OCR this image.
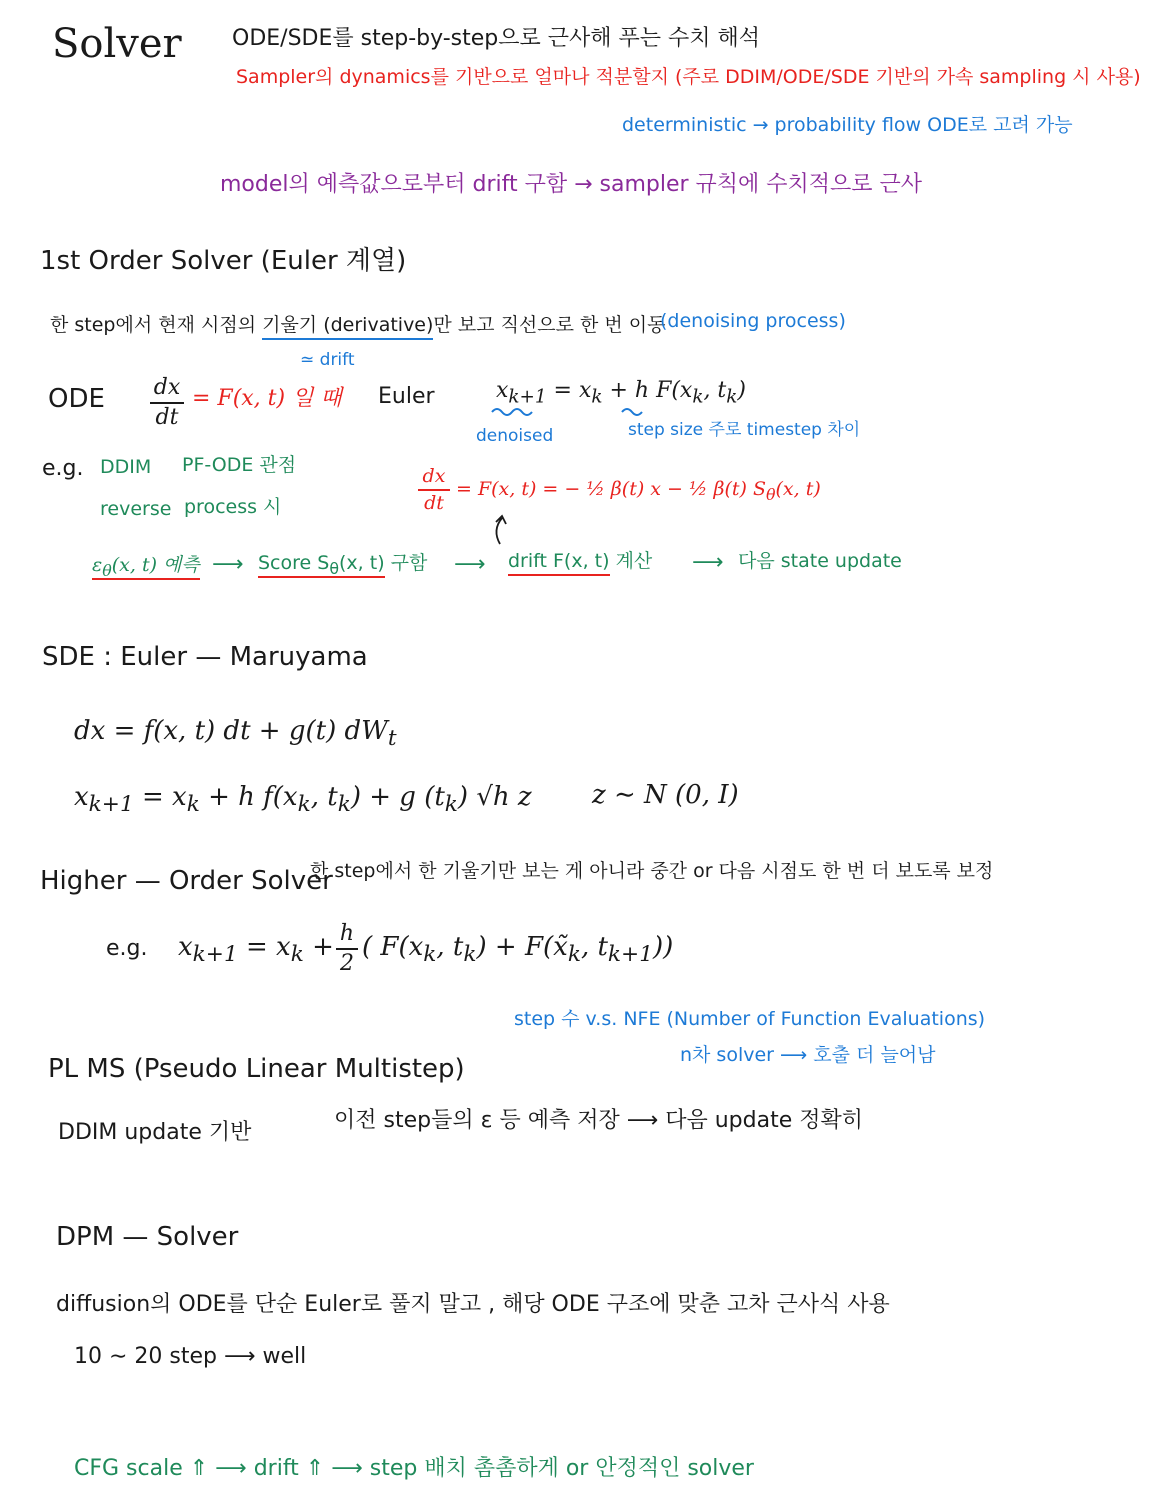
Solver ODE/SDE를 step-by-step으로 근사해 푸는 수치 해석
Sampler의 dynamics를 기반으로 얼마나 적분할지 (주로 DDIM/ODE/SDE 기반의 가속 sampling 시 사용)
deterministic → probability flow ODE로 고려 가능
model의 예측값으로부터 drift 구함 → sampler 규칙에 수치적으로 근사
1st Order Solver (Euler 계열)
한 step에서 현재 시점의 기울기 (derivative)만 보고 직선으로 한 번 이동
(denoising process)
≃ drift
ODE dx
dt
= F(x, t) 일 때 Euler	$x_{k+1} = x_k + h$ $F(x_k$, $t_k$)
denoised	step size 주로 timestep 차이
e.g. DDIM PF-ODE 관점
reverse process 시
dx
dt
= F(x, t) = − ½ β(t) x − ½ β(t) $S_\theta(x$, t)
$\varepsilon_\theta(x$, t) 예측 ⟶ Score $S_\theta(x$, t) 구함 ⟶ drift F(x, t) 계산 ⟶ 다음 state update
SDE : Euler — Maruyama
dx = f(x, t) dt + g(t) $dW_t$
$x_{k+1} = x_k + h$ $f(x_k$, $t_k) + g$ $(t_k)$ √h z z ∼ N (0, I)
Higher — Order Solver
한 step에서 한 기울기만 보는 게 아니라 중간 or 다음 시점도 한 번 더 보도록 보정
e.g. $x_{k+1} = x_k + h$
2
( $F(x_k$, $t_k$) + $F(x̃_k$, $t_{k+1}$))
step 수 v.s. NFE (Number of Function Evaluations)
n차 solver ⟶ 호출 더 늘어남
PL MS (Pseudo Linear Multistep)
DDIM update 기반	이전 step들의 ε 등 예측 저장 ⟶ 다음 update 정확히
DPM — Solver
diffusion의 ODE를 단순 Euler로 풀지 말고 , 해당 ODE 구조에 맞춘 고차 근사식 사용
10 ∼ 20 step ⟶ well
CFG scale ⇑ ⟶ drift ⇑ ⟶ step 배치 촘촘하게 or 안정적인 solver
